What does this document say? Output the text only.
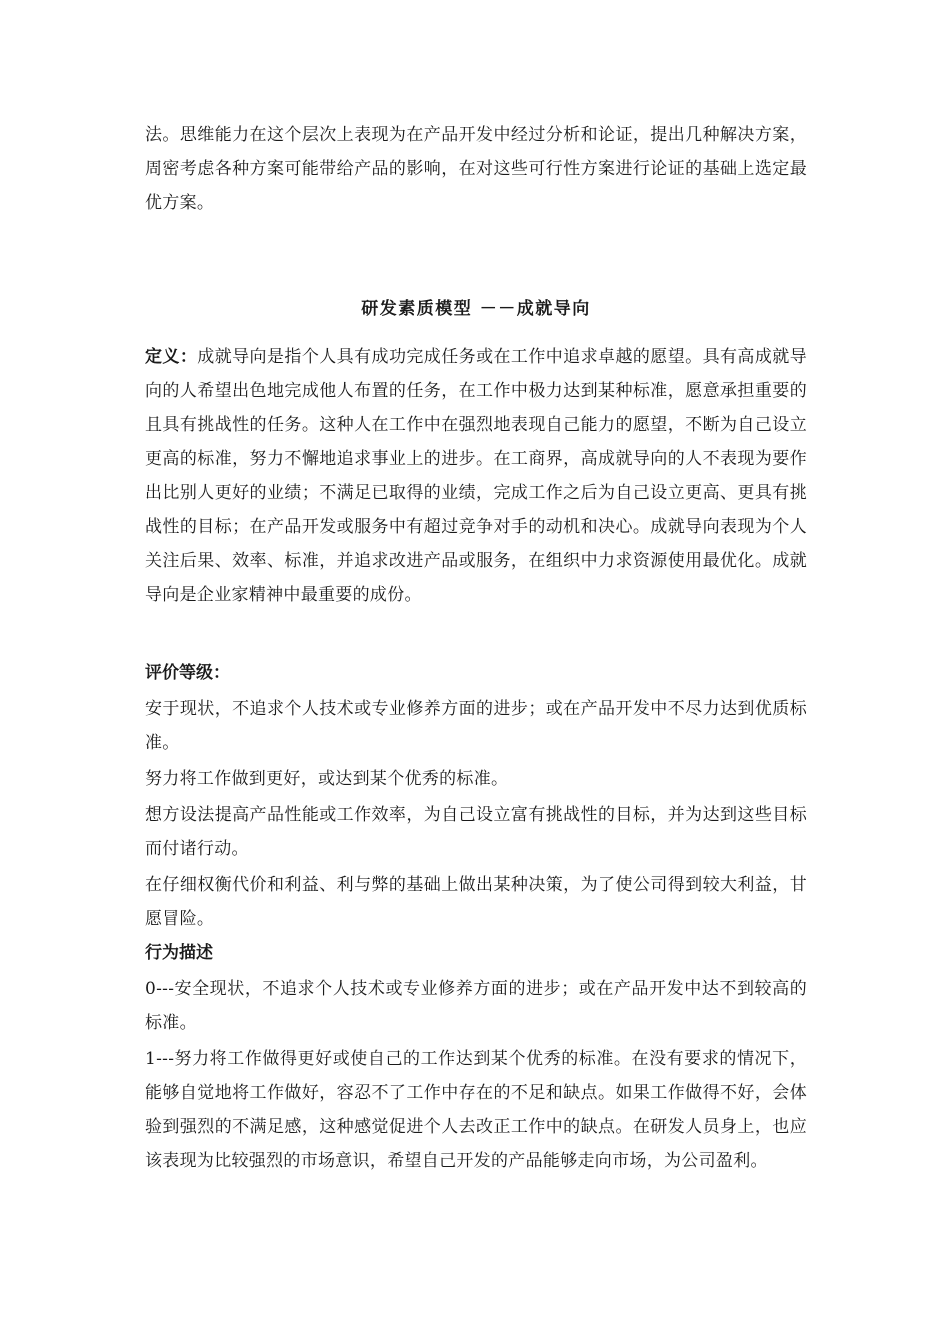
法。思维能力在这个层次上表现为在产品开发中经过分析和论证，提出几种解决方案，周密考虑各种方案可能带给产品的影响，在对这些可行性方案进行论证的基础上选定最优方案。

研发素质模型 －－成就导向

定义：成就导向是指个人具有成功完成任务或在工作中追求卓越的愿望。具有高成就导向的人希望出色地完成他人布置的任务，在工作中极力达到某种标准，愿意承担重要的且具有挑战性的任务。这种人在工作中在强烈地表现自己能力的愿望，不断为自己设立更高的标准，努力不懈地追求事业上的进步。在工商界，高成就导向的人不表现为要作出比别人更好的业绩；不满足已取得的业绩，完成工作之后为自己设立更高、更具有挑战性的目标；在产品开发或服务中有超过竞争对手的动机和决心。成就导向表现为个人关注后果、效率、标准，并追求改进产品或服务，在组织中力求资源使用最优化。成就导向是企业家精神中最重要的成份。

评价等级：

安于现状，不追求个人技术或专业修养方面的进步；或在产品开发中不尽力达到优质标准。

努力将工作做到更好，或达到某个优秀的标准。

想方设法提高产品性能或工作效率，为自己设立富有挑战性的目标，并为达到这些目标而付诸行动。

在仔细权衡代价和利益、利与弊的基础上做出某种决策，为了使公司得到较大利益，甘愿冒险。

行为描述

0---安全现状，不追求个人技术或专业修养方面的进步；或在产品开发中达不到较高的标准。

1---努力将工作做得更好或使自己的工作达到某个优秀的标准。在没有要求的情况下，能够自觉地将工作做好，容忍不了工作中存在的不足和缺点。如果工作做得不好，会体验到强烈的不满足感，这种感觉促进个人去改正工作中的缺点。在研发人员身上，也应该表现为比较强烈的市场意识，希望自己开发的产品能够走向市场，为公司盈利。
